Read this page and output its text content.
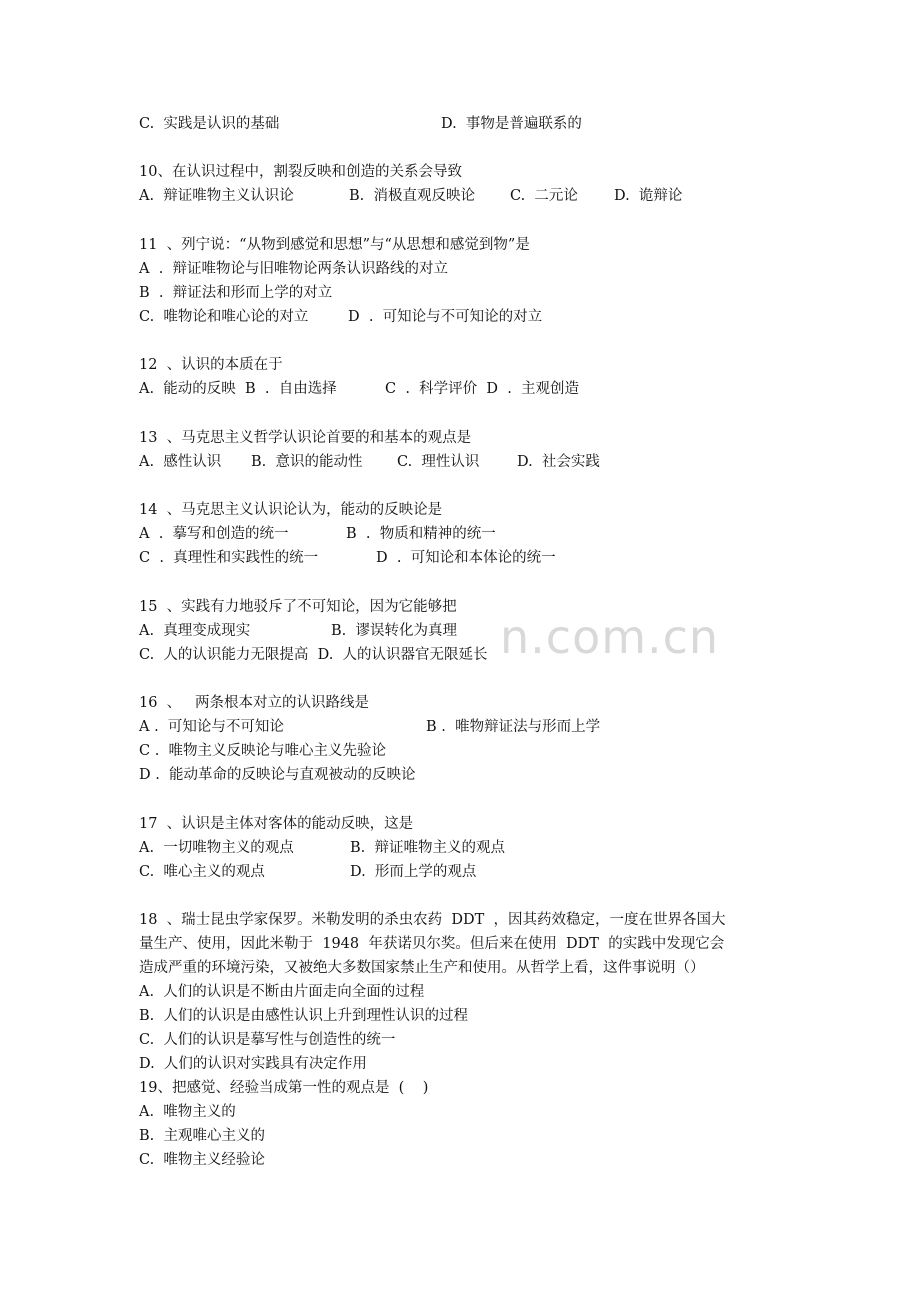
n.com.cn
C.  实践是认识的基础	D.  事物是普遍联系的
10、在认识过程中，割裂反映和创造的关系会导致
A.  辩证唯物主义认识论	B.  消极直观反映论 C.  二元论 D.  诡辩论
11  、列宁说：“从物到感觉和思想”与“从思想和感觉到物”是
A  .  辩证唯物论与旧唯物论两条认识路线的对立
B  .  辩证法和形而上学的对立
C.  唯物论和唯心论的对立	D  .  可知论与不可知论的对立
12  、认识的本质在于
A.  能动的反映  B  .  自由选择	C  .  科学评价  D  .  主观创造
13  、马克思主义哲学认识论首要的和基本的观点是
A.  感性认识 B.  意识的能动性 C.  理性认识	D.  社会实践
14  、马克思主义认识论认为，能动的反映论是
A  .  摹写和创造的统一	B  .  物质和精神的统一
C  .  真理性和实践性的统一	D  .  可知论和本体论的统一
15  、实践有力地驳斥了不可知论，因为它能够把
A.  真理变成现实	B.  谬误转化为真理
C.  人的认识能力无限提高  D.  人的认识器官无限延长
16  、   两条根本对立的认识路线是
A .  可知论与不可知论	B .  唯物辩证法与形而上学
C .  唯物主义反映论与唯心主义先验论
D .  能动革命的反映论与直观被动的反映论
17  、认识是主体对客体的能动反映，这是
A.  一切唯物主义的观点	B.  辩证唯物主义的观点
C.  唯心主义的观点	D.  形而上学的观点
18  、瑞士昆虫学家保罗。米勒发明的杀虫农药  DDT  ，因其药效稳定，一度在世界各国大
量生产、使用，因此米勒于  1948  年获诺贝尔奖。但后来在使用  DDT  的实践中发现它会
造成严重的环境污染，又被绝大多数国家禁止生产和使用。从哲学上看，这件事说明（）
A.  人们的认识是不断由片面走向全面的过程
B.  人们的认识是由感性认识上升到理性认识的过程
C.  人们的认识是摹写性与创造性的统一
D.  人们的认识对实践具有决定作用
19、把感觉、经验当成第一性的观点是  (    )
A.  唯物主义的
B.  主观唯心主义的
C.  唯物主义经验论
